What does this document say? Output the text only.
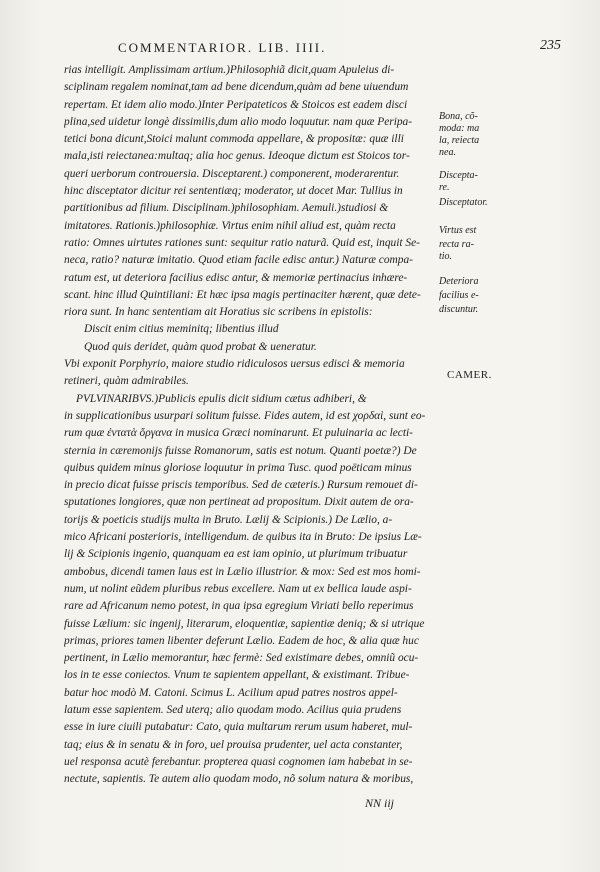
COMMENTARIOR. LIB. IIII.	235
rias intelligit. Amplissimam artium.)Philosophiã dicit,quam Apuleius di-
sciplinam regalem nominat,tam ad bene dicendum,quàm ad bene uiuendum
repertam. Et idem alio modo.)Inter Peripateticos & Stoicos est eadem disci
plina,sed uidetur longè dissimilis,dum alio modo loquutur. nam quæ Peripa-
tetici bona dicunt,Stoici malunt commoda appellare, & propositæ: quæ illi
mala,isti reiectanea:multaq; alia hoc genus. Ideoque dictum est Stoicos tor-
queri uerborum controuersia. Disceptarent.) componerent, moderarentur.
hinc disceptator dicitur rei sententiæq; moderator, ut docet Mar. Tullius in
partitionibus ad filium. Disciplinam.)philosophiam. Aemuli.)studiosi &
imitatores. Rationis.)philosophiæ. Virtus enim nihil aliud est, quàm recta
ratio: Omnes uirtutes rationes sunt: sequitur ratio naturã. Quid est, inquit Se-
neca, ratio? naturæ imitatio. Quod etiam facile edisc antur.) Naturæ compa-
ratum est, ut deteriora facilius edisc antur, & memoriæ pertinacius inhære-
scant. hinc illud Quintiliani: Et hæc ipsa magis pertinaciter hærent, quæ dete-
riora sunt. In hanc sententiam ait Horatius sic scribens in epistolis:
Discit enim citius meminitq; libentius illud
Quod quis deridet, quàm quod probat & ueneratur.
Vbi exponit Porphyrio, maiore studio ridiculosos uersus edisci & memoria
retineri, quàm admirabiles.
PVLVINARIBVS.)Publicis epulis dicit sidium cætus adhiberi, &
in supplicationibus usurpari solitum fuisse. Fides autem, id est χορδαὶ, sunt eo-
rum quæ ἐντατὰ ὄργανα in musica Græci nominarunt. Et puluinaria ac lecti-
sternia in cæremonijs fuisse Romanorum, satis est notum. Quanti poetæ?) De
quibus quidem minus gloriose loquutur in prima Tusc. quod poëticam minus
in precio dicat fuisse priscis temporibus. Sed de cæteris.) Rursum remouet di-
sputationes longiores, quæ non pertineat ad propositum. Dixit autem de ora-
torijs & poeticis studijs multa in Bruto. Lælij & Scipionis.) De Lælio, a-
mico Africani posterioris, intelligendum. de quibus ita in Bruto: De ipsius Læ-
lij & Scipionis ingenio, quanquam ea est iam opinio, ut plurimum tribuatur
ambobus, dicendi tamen laus est in Lælio illustrior. & mox: Sed est mos homi-
num, ut nolint eũdem pluribus rebus excellere. Nam ut ex bellica laude aspi-
rare ad Africanum nemo potest, in qua ipsa egregium Viriati bello reperimus
fuisse Lælium: sic ingenij, literarum, eloquentiæ, sapientiæ deniq; & si utrique
primas, priores tamen libenter deferunt Lælio. Eadem de hoc, & alia quæ huc
pertinent, in Lælio memorantur, hæc fermè: Sed existimare debes, omniũ ocu-
los in te esse coniectos. Vnum te sapientem appellant, & existimant. Tribue-
batur hoc modò M. Catoni. Scimus L. Acilium apud patres nostros appel-
latum esse sapientem. Sed uterq; alio quodam modo. Acilius quia prudens
esse in iure ciuili putabatur: Cato, quia multarum rerum usum haberet, mul-
taq; eius & in senatu & in foro, uel prouisa prudenter, uel acta constanter,
uel responsa acutè ferebantur. propterea quasi cognomen iam habebat in se-
nectute, sapientis. Te autem alio quodam modo, nõ solum natura & moribus,
Bona, cõ-
moda: ma
la, reiecta
nea.
Discepta-
re.
Disceptator.
Virtus est
recta ra-
tio.
Deteriora
facilius e-
discuntur.
CAMER.
NN iij
